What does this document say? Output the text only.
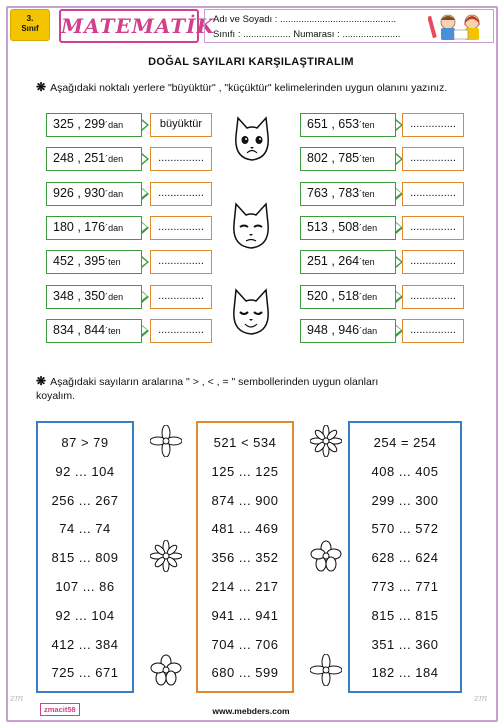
3.
Sınıf	MATEMATİK
Adı ve Soyadı : ............................................
Sınıfı : .................. Numarası : ......................
DOĞAL SAYILARI KARŞILAŞTIRALIM
❋ Aşağıdaki noktalı yerlere "büyüktür" , "küçüktür" kelimelerinden uygun olanını yazınız.
325 , 299´dan	büyüktür
248 , 251´den	...............
926 , 930´dan	...............
180 , 176´dan	...............
452 , 395´ten	...............
348 , 350´den	...............
834 , 844´ten	...............
651 , 653´ten	...............
802 , 785´ten	...............
763 , 783´ten	...............
513 , 508´den	...............
251 , 264´ten	...............
520 , 518´den	...............
948 , 946´dan	...............
❋ Aşağıdaki sayıların aralarına " > , < , = " sembollerinden uygun olanları
koyalım.
87 > 79
92 ... 104
256 ... 267
74 ... 74
815 ... 809
107 ... 86
92 ... 104
412 ... 384
725 ... 671
521 < 534
125 ... 125
874 ... 900
481 ... 469
356 ... 352
214 ... 217
941 ... 941
704 ... 706
680 ... 599
254 = 254
408 ... 405
299 ... 300
570 ... 572
628 ... 624
773 ... 771
815 ... 815
351 ... 360
182 ... 184
zmacit58	www.mebders.com
zm	zm
